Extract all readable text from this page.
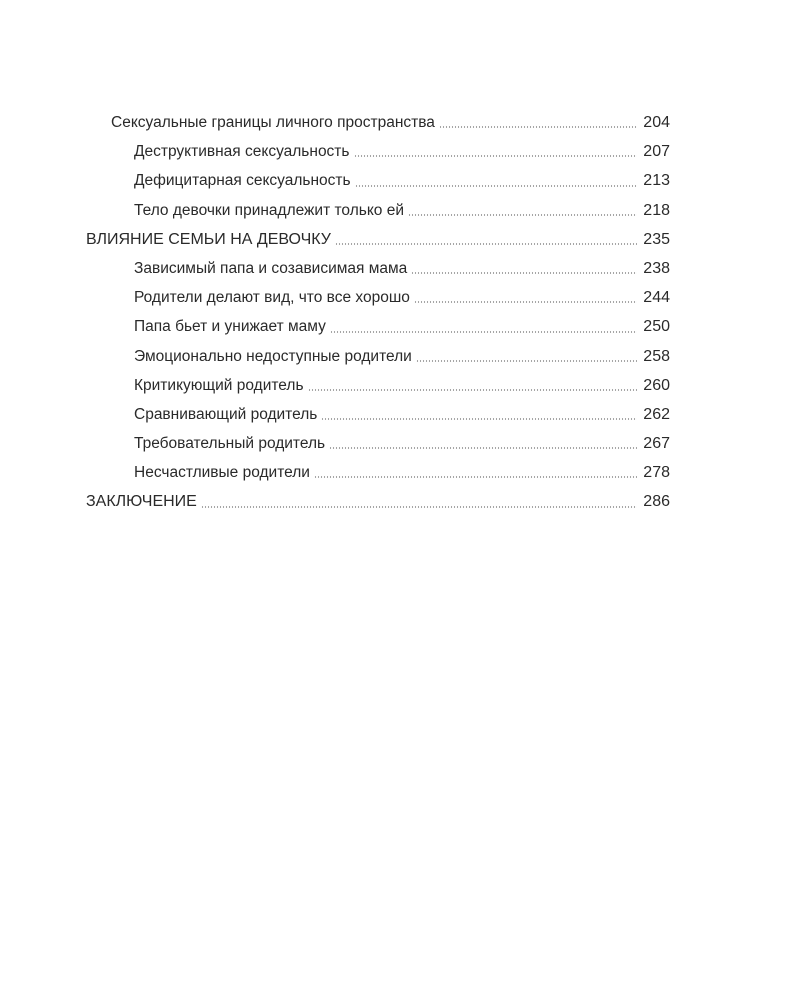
Сексуальные границы личного пространства	204
Деструктивная сексуальность	207
Дефицитарная сексуальность	213
Тело девочки принадлежит только ей	218
ВЛИЯНИЕ СЕМЬИ НА ДЕВОЧКУ	235
Зависимый папа и созависимая мама	238
Родители делают вид, что все хорошо	244
Папа бьет и унижает маму	250
Эмоционально недоступные родители	258
Критикующий родитель	260
Сравнивающий родитель	262
Требовательный родитель	267
Несчастливые родители	278
ЗАКЛЮЧЕНИЕ	286
